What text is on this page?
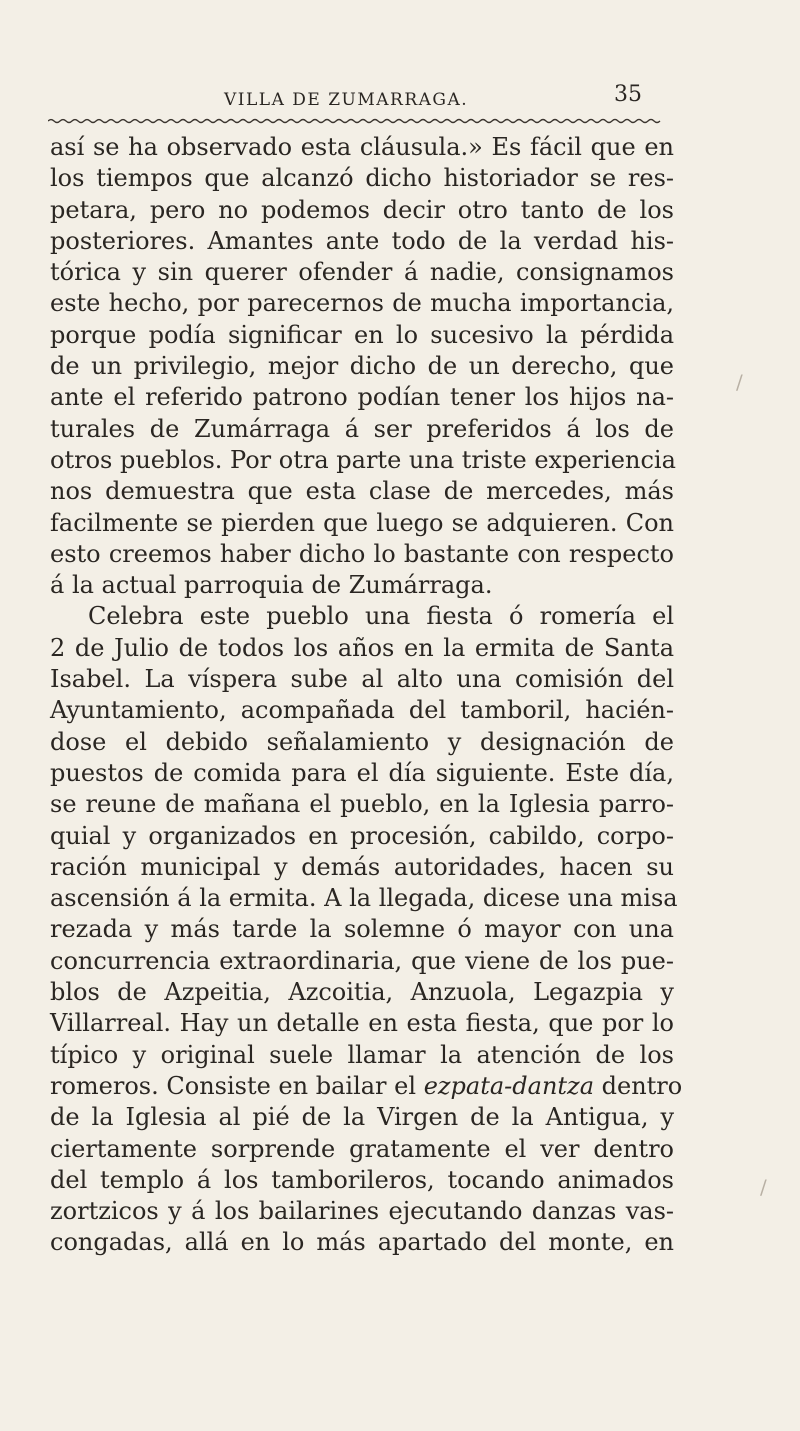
VILLA DE ZUMARRAGA.	35
así se ha observado esta cláusula.» Es fácil que en
los tiempos que alcanzó dicho historiador se res-
petara, pero no podemos decir otro tanto de los
posteriores. Amantes ante todo de la verdad his-
tórica y sin querer ofender á nadie, consignamos
este hecho, por parecernos de mucha importancia,
porque podía significar en lo sucesivo la pérdida
de un privilegio, mejor dicho de un derecho, que
ante el referido patrono podían tener los hijos na-
turales de Zumárraga á ser preferidos á los de
otros pueblos. Por otra parte una triste experiencia
nos demuestra que esta clase de mercedes, más
facilmente se pierden que luego se adquieren. Con
esto creemos haber dicho lo bastante con respecto
á la actual parroquia de Zumárraga.
Celebra este pueblo una fiesta ó romería el
2 de Julio de todos los años en la ermita de Santa
Isabel. La víspera sube al alto una comisión del
Ayuntamiento, acompañada del tamboril, hacién-
dose el debido señalamiento y designación de
puestos de comida para el día siguiente. Este día,
se reune de mañana el pueblo, en la Iglesia parro-
quial y organizados en procesión, cabildo, corpo-
ración municipal y demás autoridades, hacen su
ascensión á la ermita. A la llegada, dicese una misa
rezada y más tarde la solemne ó mayor con una
concurrencia extraordinaria, que viene de los pue-
blos de Azpeitia, Azcoitia, Anzuola, Legazpia y
Villarreal. Hay un detalle en esta fiesta, que por lo
típico y original suele llamar la atención de los
romeros. Consiste en bailar el ezpata-dantza dentro
de la Iglesia al pié de la Virgen de la Antigua, y
ciertamente sorprende gratamente el ver dentro
del templo á los tamborileros, tocando animados
zortzicos y á los bailarines ejecutando danzas vas-
congadas, allá en lo más apartado del monte, en
/
/
